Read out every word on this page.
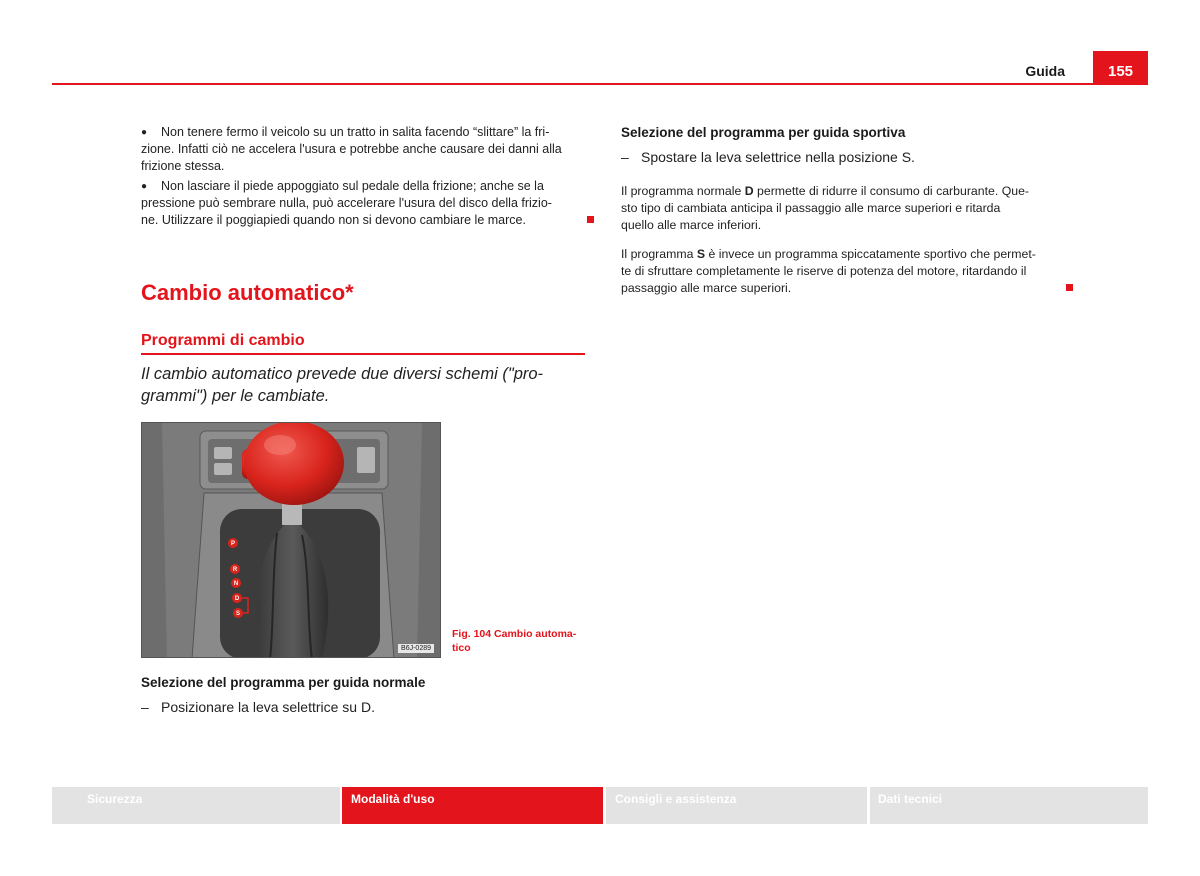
Guida	155
● Non tenere fermo il veicolo su un tratto in salita facendo “slittare” la fri-
zione. Infatti ciò ne accelera l'usura e potrebbe anche causare dei danni alla
frizione stessa.
● Non lasciare il piede appoggiato sul pedale della frizione; anche se la
pressione può sembrare nulla, può accelerare l'usura del disco della frizio-
ne. Utilizzare il poggiapiedi quando non si devono cambiare le marce.
Cambio automatico*
Programmi di cambio
Il cambio automatico prevede due diversi schemi ("pro-
grammi") per le cambiate.
P
R
N
D
S
B6J-0289
Fig. 104 Cambio automa-
tico
Selezione del programma per guida normale
– Posizionare la leva selettrice su D.
Selezione del programma per guida sportiva
– Spostare la leva selettrice nella posizione S.
Il programma normale D permette di ridurre il consumo di carburante. Que-
sto tipo di cambiata anticipa il passaggio alle marce superiori e ritarda
quello alle marce inferiori.
Il programma S è invece un programma spiccatamente sportivo che permet-
te di sfruttare completamente le riserve di potenza del motore, ritardando il
passaggio alle marce superiori.
Sicurezza	Modalità d'uso	Consigli e assistenza	Dati tecnici
